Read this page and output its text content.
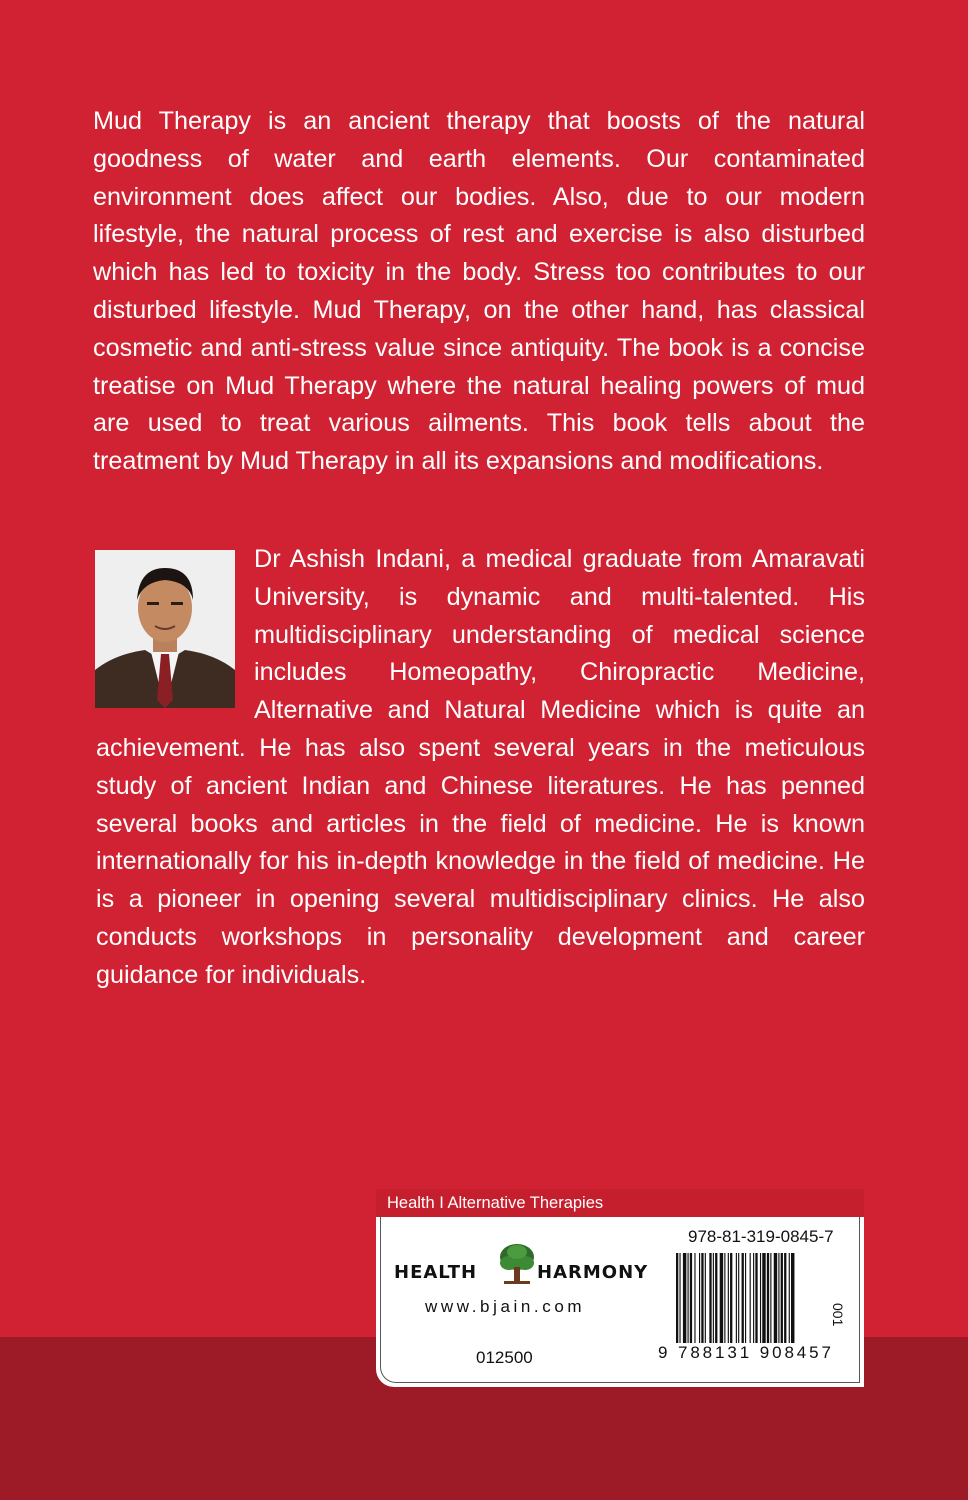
Mud Therapy is an ancient therapy that boosts of the natural goodness of water and earth elements. Our contaminated environment does affect our bodies. Also, due to our modern lifestyle, the natural process of rest and exercise is also disturbed which has led to toxicity in the body. Stress too contributes to our disturbed lifestyle. Mud Therapy, on the other hand, has classical cosmetic and anti-stress value since antiquity. The book is a concise treatise on Mud Therapy where the natural healing powers of mud are used to treat various ailments. This book tells about the treatment by Mud Therapy in all its expansions and modifications.

Dr Ashish Indani, a medical graduate from Amaravati University, is dynamic and multi-talented. His multidisciplinary understanding of medical science includes Homeopathy, Chiropractic Medicine, Alternative and Natural Medicine which is quite an achievement. He has also spent several years in the meticulous study of ancient Indian and Chinese literatures. He has penned several books and articles in the field of medicine. He is known internationally for his in-depth knowledge in the field of medicine. He is a pioneer in opening several multidisciplinary clinics. He also conducts workshops in personality development and career guidance for individuals.

Health I Alternative Therapies
HEALTH	HARMONY
www.bjain.com
012500
978-81-319-0845-7
9 788131 908457
001
